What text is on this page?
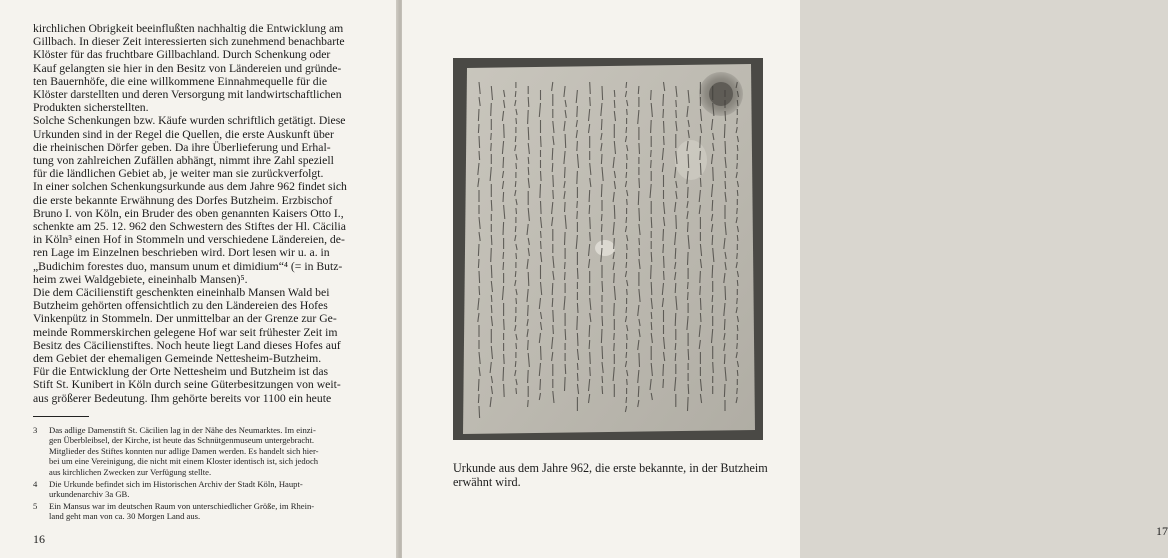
kirchlichen Obrigkeit beeinflußten nachhaltig die Entwicklung am
Gillbach. In dieser Zeit interessierten sich zunehmend benachbarte
Klöster für das fruchtbare Gillbachland. Durch Schenkung oder
Kauf gelangten sie hier in den Besitz von Ländereien und gründe-
ten Bauernhöfe, die eine willkommene Einnahmequelle für die
Klöster darstellten und deren Versorgung mit landwirtschaftlichen
Produkten sicherstellten.
Solche Schenkungen bzw. Käufe wurden schriftlich getätigt. Diese
Urkunden sind in der Regel die Quellen, die erste Auskunft über
die rheinischen Dörfer geben. Da ihre Überlieferung und Erhal-
tung von zahlreichen Zufällen abhängt, nimmt ihre Zahl speziell
für die ländlichen Gebiet ab, je weiter man sie zurückverfolgt.
In einer solchen Schenkungsurkunde aus dem Jahre 962 findet sich
die erste bekannte Erwähnung des Dorfes Butzheim. Erzbischof
Bruno I. von Köln, ein Bruder des oben genannten Kaisers Otto I.,
schenkte am 25. 12. 962 den Schwestern des Stiftes der Hl. Cäcilia
in Köln³ einen Hof in Stommeln und verschiedene Ländereien, de-
ren Lage im Einzelnen beschrieben wird. Dort lesen wir u. a. in
„Budichim forestes duo, mansum unum et dimidium“⁴ (= in Butz-
heim zwei Waldgebiete, eineinhalb Mansen)⁵.
Die dem Cäcilienstift geschenkten eineinhalb Mansen Wald bei
Butzheim gehörten offensichtlich zu den Ländereien des Hofes
Vinkenpütz in Stommeln. Der unmittelbar an der Grenze zur Ge-
meinde Rommerskirchen gelegene Hof war seit frühester Zeit im
Besitz des Cäcilienstiftes. Noch heute liegt Land dieses Hofes auf
dem Gebiet der ehemaligen Gemeinde Nettesheim-Butzheim.
Für die Entwicklung der Orte Nettesheim und Butzheim ist das
Stift St. Kunibert in Köln durch seine Güterbesitzungen von weit-
aus größerer Bedeutung. Ihm gehörte bereits vor 1100 ein heute
3	Das adlige Damenstift St. Cäcilien lag in der Nähe des Neumarktes. Im einzi-
gen Überbleibsel, der Kirche, ist heute das Schnütgenmuseum untergebracht.
Mitglieder des Stiftes konnten nur adlige Damen werden. Es handelt sich hier-
bei um eine Vereinigung, die nicht mit einem Kloster identisch ist, sich jedoch
aus kirchlichen Zwecken zur Verfügung stellte.
4	Die Urkunde befindet sich im Historischen Archiv der Stadt Köln, Haupt-
urkundenarchiv 3a GB.
5	Ein Mansus war im deutschen Raum von unterschiedlicher Größe, im Rhein-
land geht man von ca. 30 Morgen Land aus.
16
17
Urkunde aus dem Jahre 962, die erste bekannte, in der Butzheim
erwähnt wird.
